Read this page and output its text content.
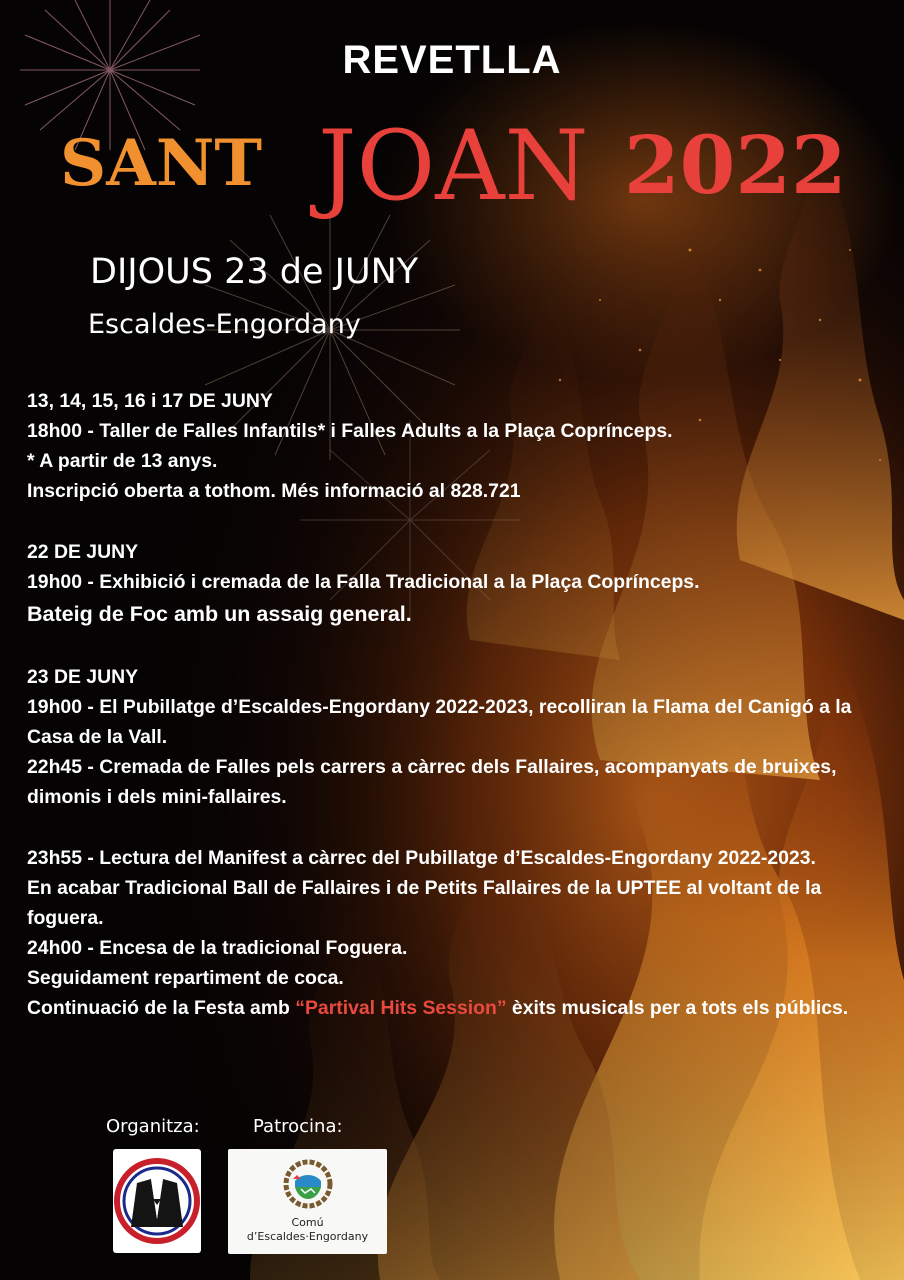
REVETLLA
SANT JOAN 2022
DIJOUS 23 de JUNY
Escaldes-Engordany

13, 14, 15, 16 i 17 DE JUNY

18h00 - Taller de Falles Infantils* i Falles Adults a la Plaça Coprínceps.

* A partir de 13 anys.

Inscripció oberta a tothom. Més informació al 828.721

22 DE JUNY

19h00 - Exhibició i cremada de la Falla Tradicional a la Plaça Coprínceps.

Bateig de Foc amb un assaig general.

23 DE JUNY

19h00 - El Pubillatge d’Escaldes-Engordany 2022-2023, recolliran la Flama del Canigó a la Casa de la Vall.

22h45 - Cremada de Falles pels carrers a càrrec dels Fallaires, acompanyats de bruixes, dimonis i dels mini-fallaires.

23h55 - Lectura del Manifest a càrrec del Pubillatge d’Escaldes-Engordany 2022-2023.

En acabar Tradicional Ball de Fallaires i de Petits Fallaires de la UPTEE al voltant de la foguera.

24h00 - Encesa de la tradicional Foguera.

Seguidament repartiment de coca.

Continuació de la Festa amb “Partival Hits Session” èxits musicals per a tots els públics.

Organitza:	Patrocina:
Comú
d’Escaldes·Engordany
